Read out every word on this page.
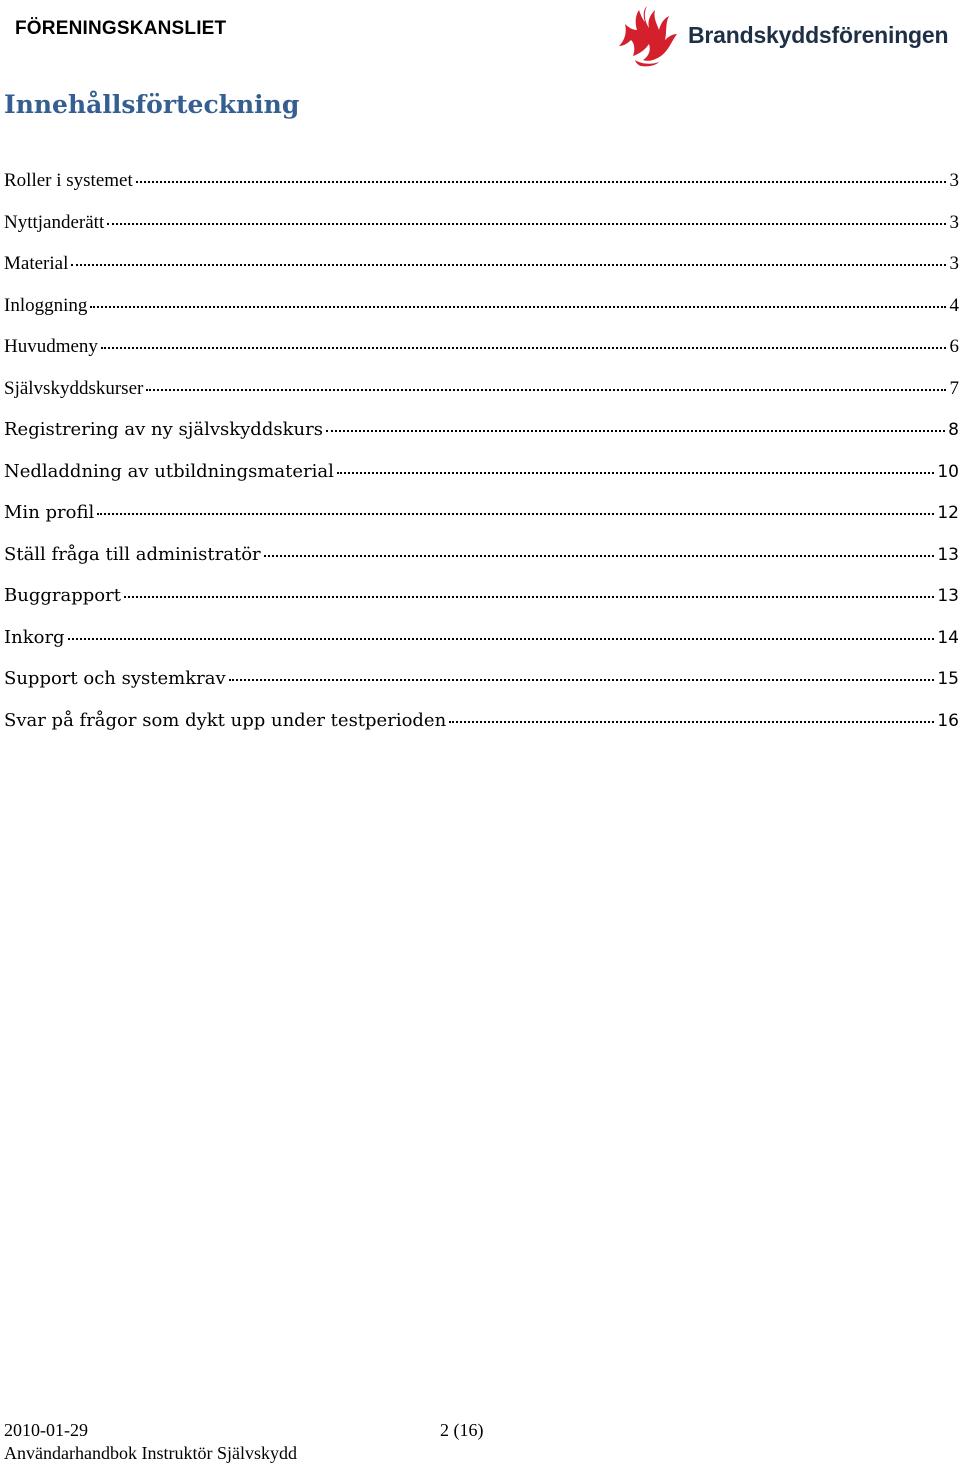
FÖRENINGSKANSLIET	Brandskyddsföreningen
Innehållsförteckning
Roller i systemet	3
Nyttjanderätt	3
Material	3
Inloggning	4
Huvudmeny	6
Självskyddskurser	7
Registrering av ny självskyddskurs	8
Nedladdning av utbildningsmaterial	10
Min profil	12
Ställ fråga till administratör	13
Buggrapport	13
Inkorg	14
Support och systemkrav	15
Svar på frågor som dykt upp under testperioden	16
2010-01-29	2 (16)
Användarhandbok Instruktör Självskydd
